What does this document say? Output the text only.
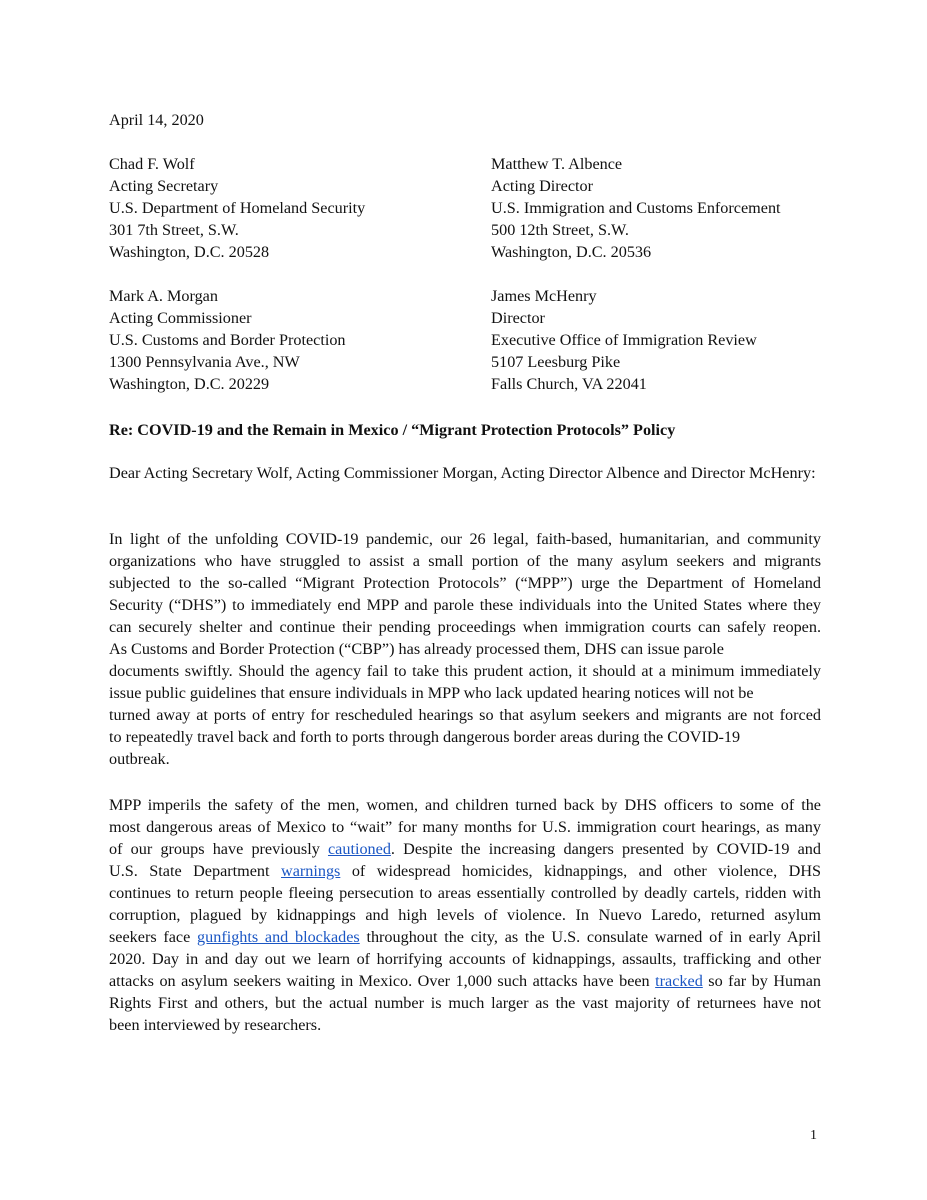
April 14, 2020
Chad F. Wolf
Acting Secretary
U.S. Department of Homeland Security
301 7th Street, S.W.
Washington, D.C. 20528
Matthew T. Albence
Acting Director
U.S. Immigration and Customs Enforcement
500 12th Street, S.W.
Washington, D.C. 20536
Mark A. Morgan
Acting Commissioner
U.S. Customs and Border Protection
1300 Pennsylvania Ave., NW
Washington, D.C. 20229
James McHenry
Director
Executive Office of Immigration Review
5107 Leesburg Pike
Falls Church, VA 22041
Re: COVID-19 and the Remain in Mexico / “Migrant Protection Protocols” Policy
Dear Acting Secretary Wolf, Acting Commissioner Morgan, Acting Director Albence and Director McHenry:
In light of the unfolding COVID-19 pandemic, our 26 legal, faith-based, humanitarian, and community
organizations who have struggled to assist a small portion of the many asylum seekers and migrants
subjected to the so-called “Migrant Protection Protocols” (“MPP”) urge the Department of Homeland
Security (“DHS”) to immediately end MPP and parole these individuals into the United States where they
can securely shelter and continue their pending proceedings when immigration courts can safely reopen.
As Customs and Border Protection (“CBP”) has already processed them, DHS can issue parole
documents swiftly. Should the agency fail to take this prudent action, it should at a minimum immediately
issue public guidelines that ensure individuals in MPP who lack updated hearing notices will not be
turned away at ports of entry for rescheduled hearings so that asylum seekers and migrants are not forced
to repeatedly travel back and forth to ports through dangerous border areas during the COVID-19
outbreak.
MPP imperils the safety of the men, women, and children turned back by DHS officers to some of the
most dangerous areas of Mexico to “wait” for many months for U.S. immigration court hearings, as many
of our groups have previously cautioned. Despite the increasing dangers presented by COVID-19 and
U.S. State Department warnings of widespread homicides, kidnappings, and other violence, DHS
continues to return people fleeing persecution to areas essentially controlled by deadly cartels, ridden with
corruption, plagued by kidnappings and high levels of violence. In Nuevo Laredo, returned asylum
seekers face gunfights and blockades throughout the city, as the U.S. consulate warned of in early April
2020. Day in and day out we learn of horrifying accounts of kidnappings, assaults, trafficking and other
attacks on asylum seekers waiting in Mexico. Over 1,000 such attacks have been tracked so far by Human
Rights First and others, but the actual number is much larger as the vast majority of returnees have not
been interviewed by researchers.
1
